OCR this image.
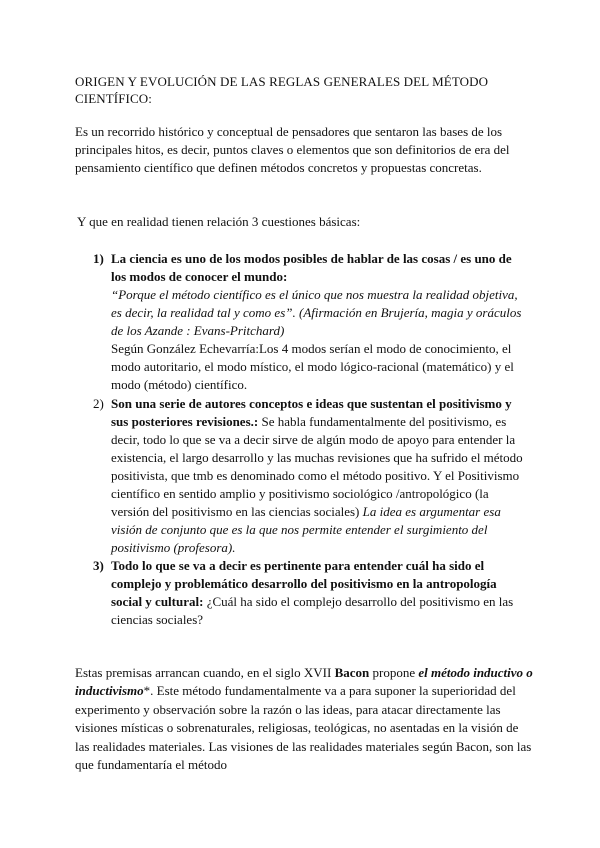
ORIGEN Y EVOLUCIÓN DE LAS REGLAS GENERALES DEL MÉTODO CIENTÍFICO:
Es un recorrido histórico y conceptual de pensadores que sentaron las bases de los principales hitos, es decir, puntos claves o elementos que son definitorios de era del pensamiento científico que definen métodos concretos y propuestas concretas.
Y que en realidad tienen relación 3 cuestiones básicas:
1) La ciencia es uno de los modos posibles de hablar de las cosas / es uno de los modos de conocer el mundo:
“Porque el método científico es el único que nos muestra la realidad objetiva, es decir, la realidad tal y como es”. (Afirmación en Brujería, magia y oráculos de los Azande : Evans-Pritchard)
Según González Echevarría:Los 4 modos serían el modo de conocimiento, el modo autoritario, el modo místico, el modo lógico-racional (matemático) y el modo (método) científico.
2) Son una serie de autores conceptos e ideas que sustentan el positivismo y sus posteriores revisiones.: Se habla fundamentalmente del positivismo, es decir, todo lo que se va a decir sirve de algún modo de apoyo para entender la existencia, el largo desarrollo y las muchas revisiones que ha sufrido el método positivista, que tmb es denominado como el método positivo. Y el Positivismo científico en sentido amplio y positivismo sociológico /antropológico (la versión del positivismo en las ciencias sociales) La idea es argumentar esa visión de conjunto que es la que nos permite entender el surgimiento del positivismo (profesora).
3) Todo lo que se va a decir es pertinente para entender cuál ha sido el complejo y problemático desarrollo del positivismo en la antropología social y cultural: ¿Cuál ha sido el complejo desarrollo del positivismo en las ciencias sociales?
Estas premisas arrancan cuando, en el siglo XVII Bacon propone el método inductivo o inductivismo*. Este método fundamentalmente va a para suponer la superioridad del experimento y observación sobre la razón o las ideas, para atacar directamente las visiones místicas o sobrenaturales, religiosas, teológicas, no asentadas en la visión de las realidades materiales. Las visiones de las realidades materiales según Bacon, son las que fundamentaría el método
